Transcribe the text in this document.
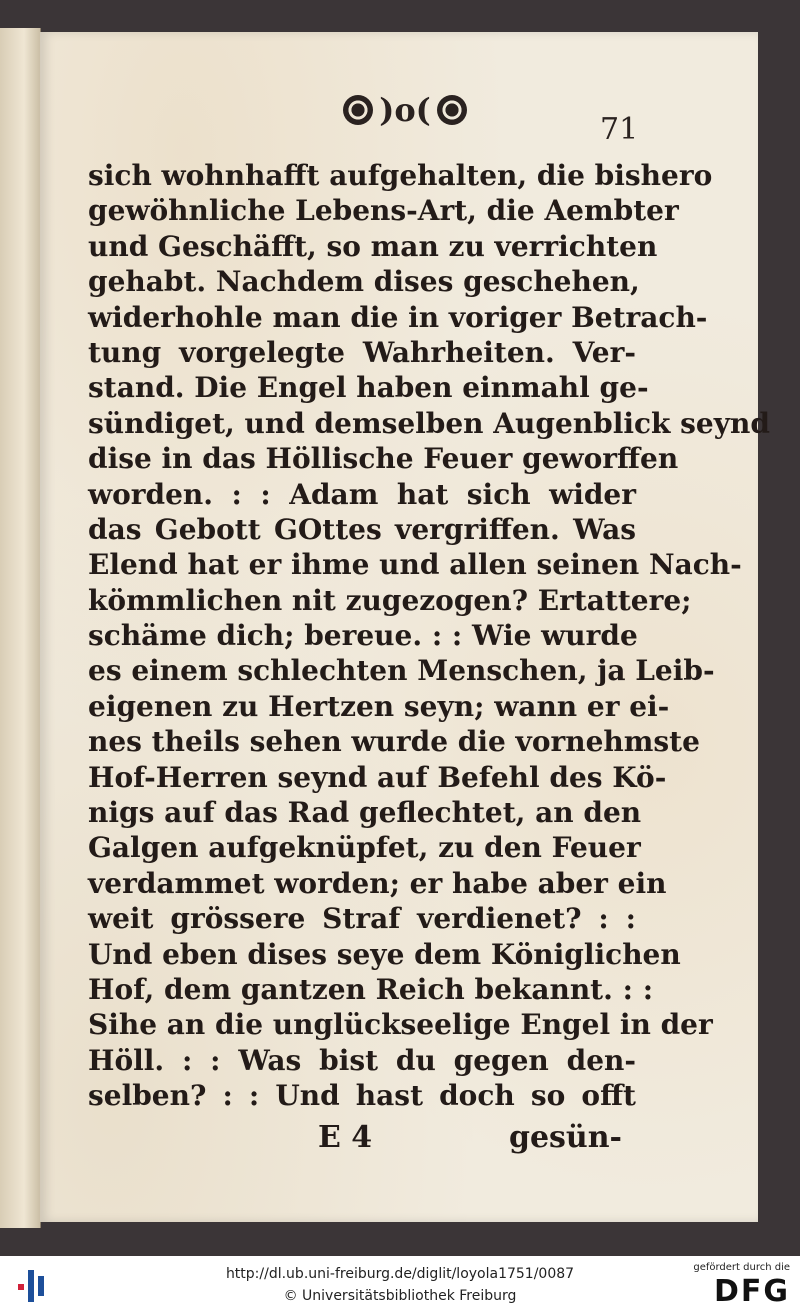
)o(
71
sich wohnhafft aufgehalten, die bishero
gewöhnliche Lebens-Art, die Aembter
und Geschäfft, so man zu verrichten
gehabt. Nachdem dises geschehen,
widerhohle man die in voriger Betrach-
tung vorgelegte Wahrheiten. Ver-
stand. Die Engel haben einmahl ge-
sündiget, und demselben Augenblick seynd
dise in das Höllische Feuer geworffen
worden. : : Adam hat sich wider
das Gebott GOttes vergriffen. Was
Elend hat er ihme und allen seinen Nach-
kömmlichen nit zugezogen? Ertattere;
schäme dich; bereue. : : Wie wurde
es einem schlechten Menschen, ja Leib-
eigenen zu Hertzen seyn; wann er ei-
nes theils sehen wurde die vornehmste
Hof-Herren seynd auf Befehl des Kö-
nigs auf das Rad geflechtet, an den
Galgen aufgeknüpfet, zu den Feuer
verdammet worden; er habe aber ein
weit grössere Straf verdienet? : :
Und eben dises seye dem Königlichen
Hof, dem gantzen Reich bekannt. : :
Sihe an die unglückseelige Engel in der
Höll. : : Was bist du gegen den-
selben? : : Und hast doch so offt
E 4	gesün-
http://dl.ub.uni-freiburg.de/diglit/loyola1751/0087
© Universitätsbibliothek Freiburg
gefördert durch die
DFG
